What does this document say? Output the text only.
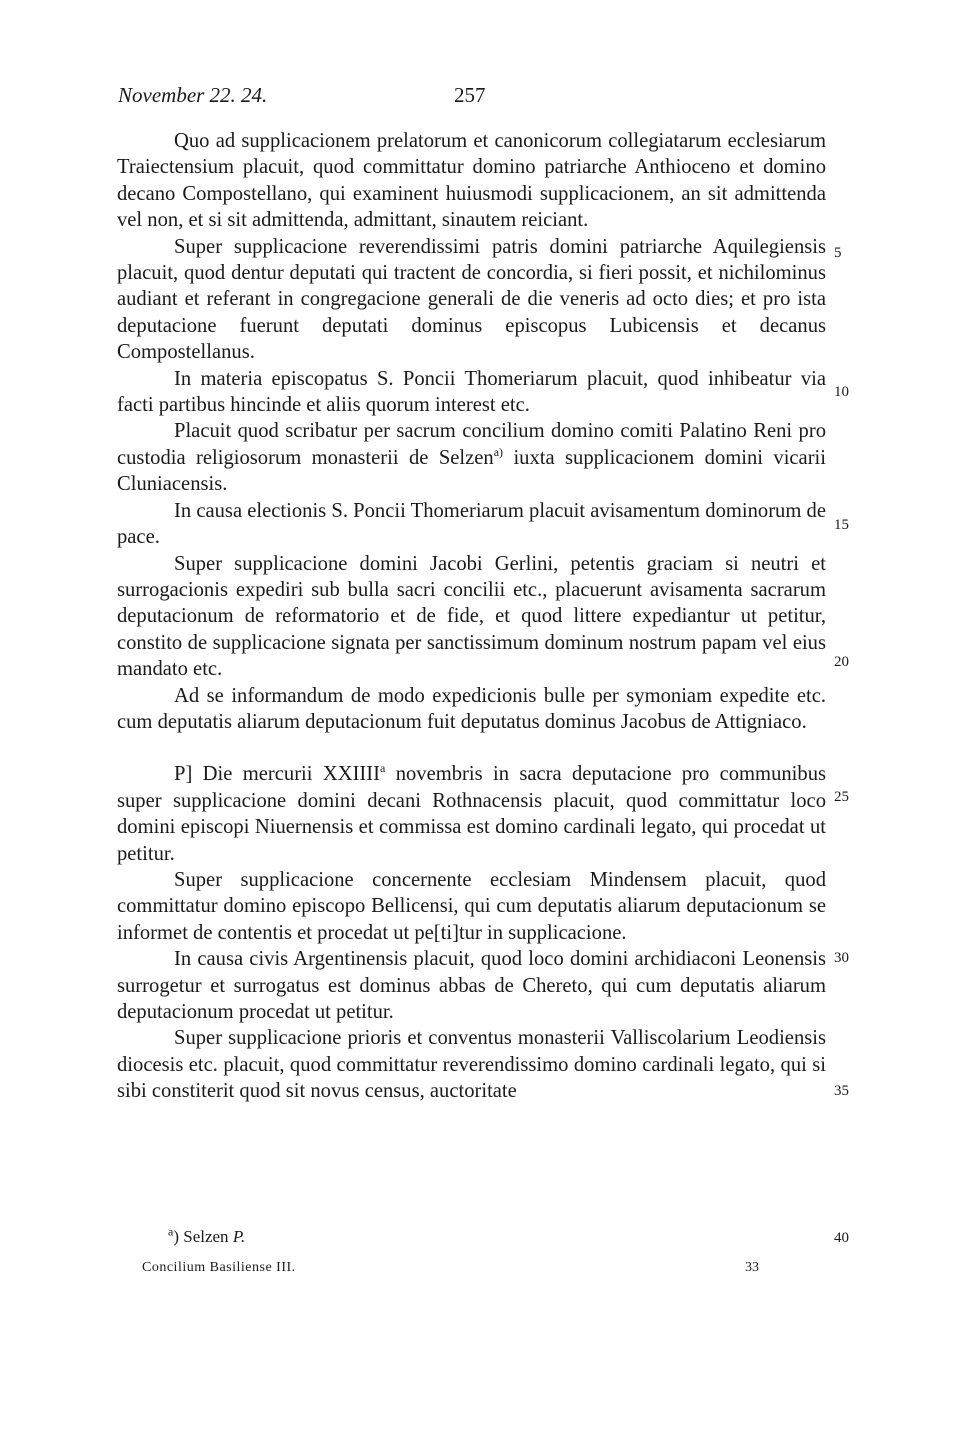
November 22. 24.	257

Quo ad supplicacionem prelatorum et canonicorum collegiatarum ecclesiarum Traiectensium placuit, quod committatur domino patriarche Anthioceno et domino decano Compostellano, qui examinent huiusmodi supplicacionem, an sit admittenda vel non, et si sit admittenda, admittant, sinautem reiciant.

Super supplicacione reverendissimi patris domini patriarche Aquilegiensis placuit, quod dentur deputati qui tractent de concordia, si fieri possit, et nichilominus audiant et referant in congregacione generali de die veneris ad octo dies; et pro ista deputacione fuerunt deputati dominus episcopus Lubicensis et decanus Compostellanus.

In materia episcopatus S. Poncii Thomeriarum placuit, quod inhibeatur via facti partibus hincinde et aliis quorum interest etc.

Placuit quod scribatur per sacrum concilium domino comiti Palatino Reni pro custodia religiosorum monasterii de Selzen$^{a)}$ iuxta supplicacionem domini vicarii Cluniacensis.

In causa electionis S. Poncii Thomeriarum placuit avisamentum dominorum de pace.

Super supplicacione domini Jacobi Gerlini, petentis graciam si neutri et surrogacionis expediri sub bulla sacri concilii etc., placuerunt avisamenta sacrarum deputacionum de reformatorio et de fide, et quod littere expediantur ut petitur, constito de supplicacione signata per sanctissimum dominum nostrum papam vel eius mandato etc.

Ad se informandum de modo expedicionis bulle per symoniam expedite etc. cum deputatis aliarum deputacionum fuit deputatus dominus Jacobus de Attigniaco.

P] Die mercurii XXIIII$^a$ novembris in sacra deputacione pro communibus super supplicacione domini decani Rothnacensis placuit, quod committatur loco domini episcopi Niuernensis et commissa est domino cardinali legato, qui procedat ut petitur.

Super supplicacione concernente ecclesiam Mindensem placuit, quod committatur domino episcopo Bellicensi, qui cum deputatis aliarum deputacionum se informet de contentis et procedat ut pe[ti]tur in supplicacione.

In causa civis Argentinensis placuit, quod loco domini archidiaconi Leonensis surrogetur et surrogatus est dominus abbas de Chereto, qui cum deputatis aliarum deputacionum procedat ut petitur.

Super supplicacione prioris et conventus monasterii Valliscolarium Leodiensis diocesis etc. placuit, quod committatur reverendissimo domino cardinali legato, qui si sibi constiterit quod sit novus census, auctoritate

5
10
15
20
25
30
35
40
$^a$) Selzen P.
Concilium Basiliense III.	33
